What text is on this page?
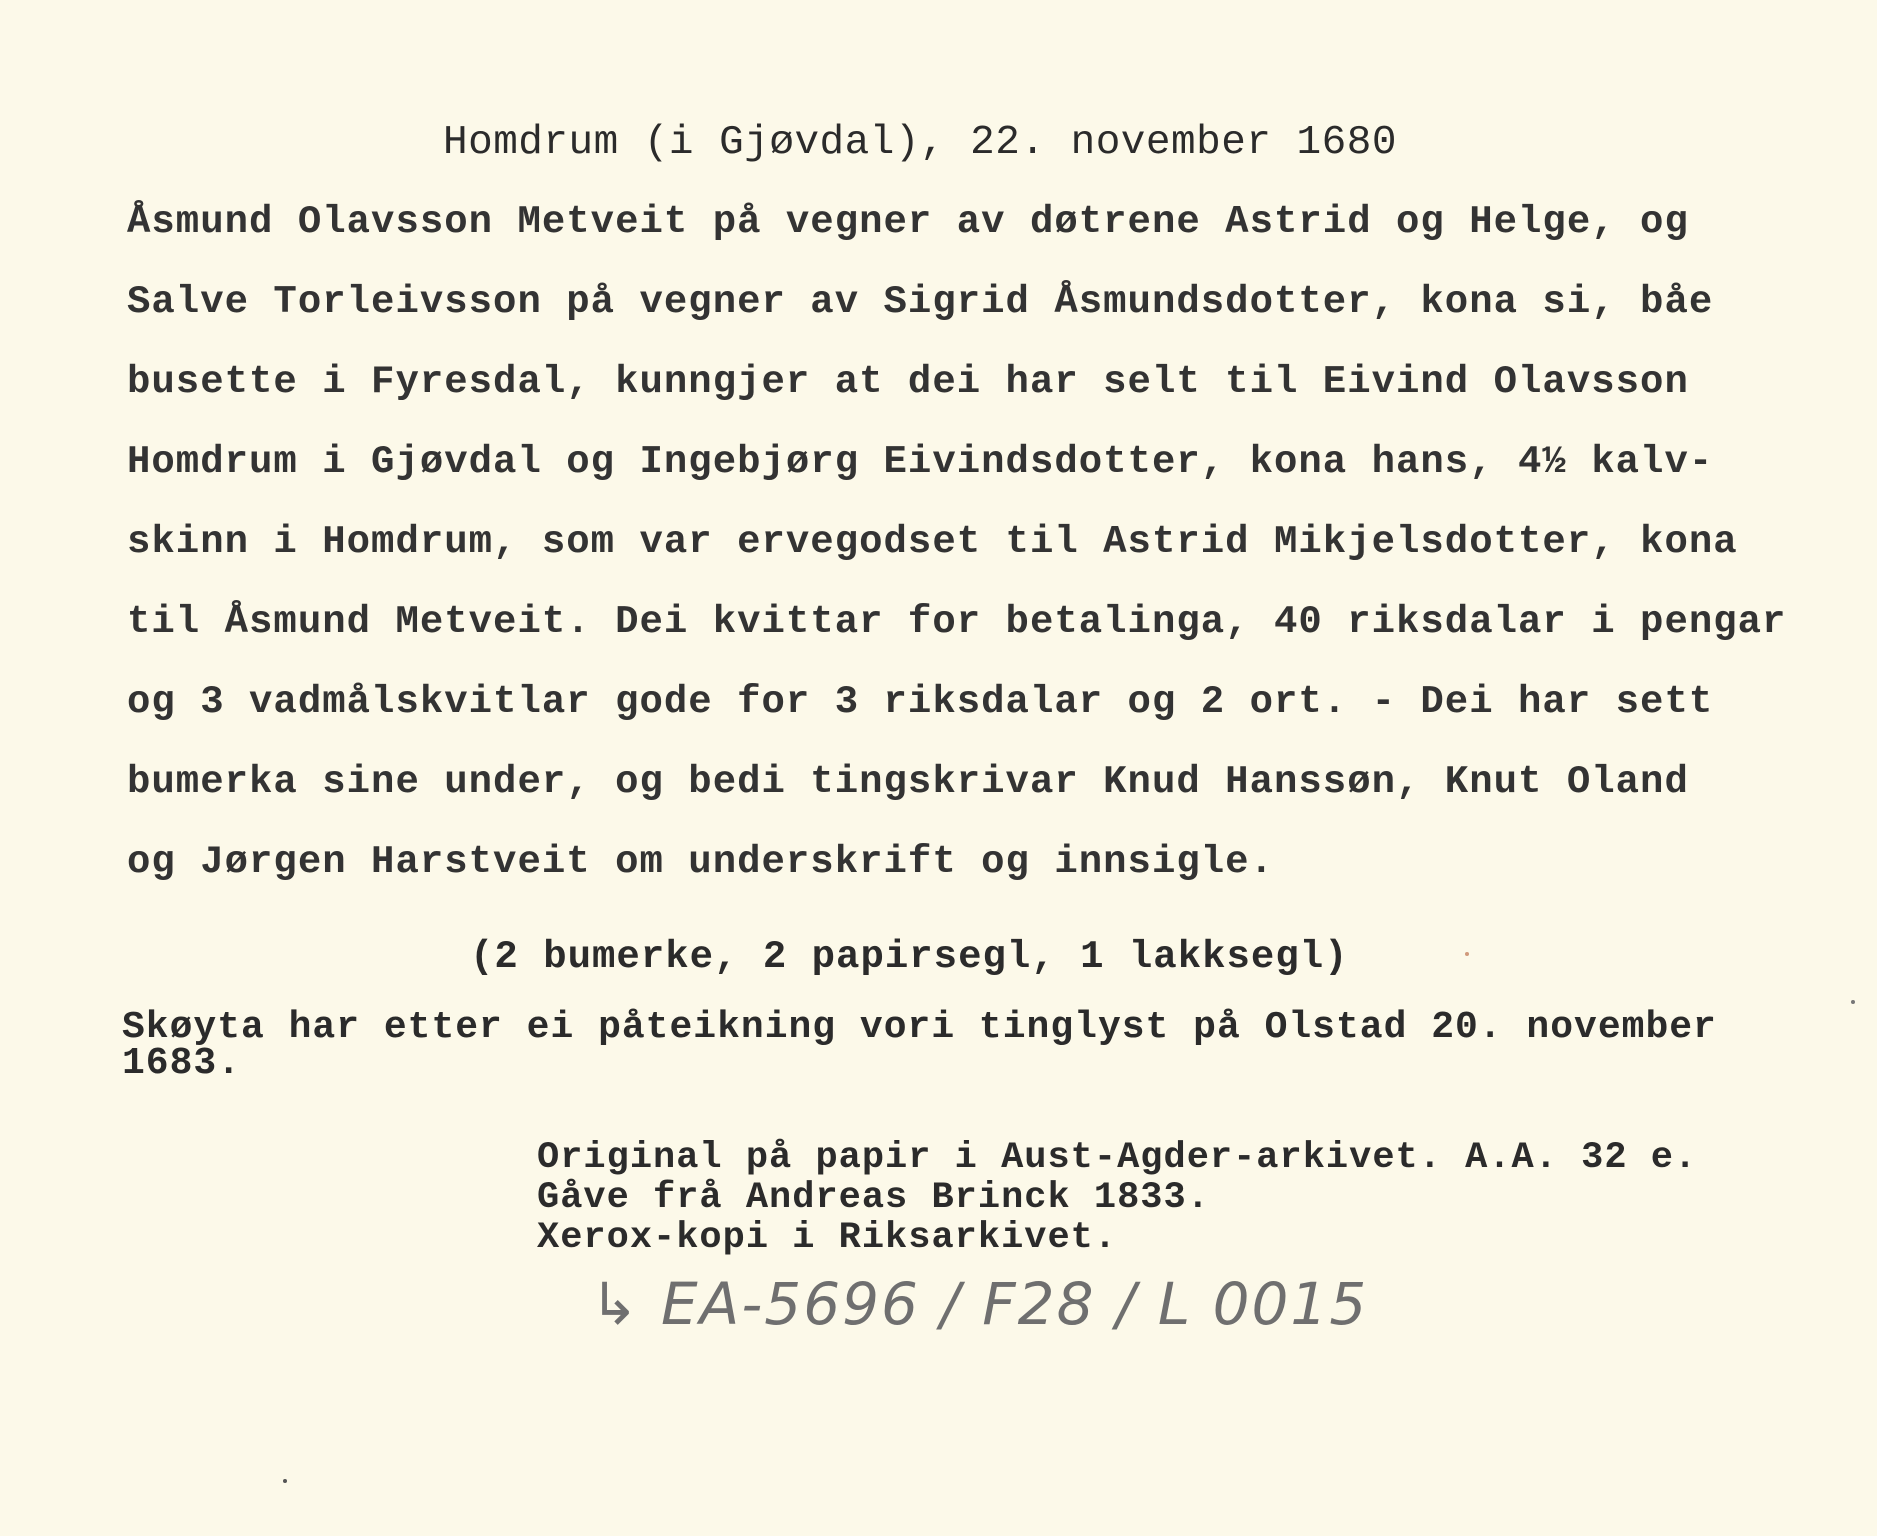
Homdrum (i Gjøvdal), 22. november 1680
Åsmund Olavsson Metveit på vegner av døtrene Astrid og Helge, og
Salve Torleivsson på vegner av Sigrid Åsmundsdotter, kona si, båe
busette i Fyresdal, kunngjer at dei har selt til Eivind Olavsson
Homdrum i Gjøvdal og Ingebjørg Eivindsdotter, kona hans, 4½ kalv-
skinn i Homdrum, som var ervegodset til Astrid Mikjelsdotter, kona
til Åsmund Metveit. Dei kvittar for betalinga, 40 riksdalar i pengar
og 3 vadmålskvitlar gode for 3 riksdalar og 2 ort. - Dei har sett
bumerka sine under, og bedi tingskrivar Knud Hanssøn, Knut Oland
og Jørgen Harstveit om underskrift og innsigle.
(2 bumerke, 2 papirsegl, 1 lakksegl)
Skøyta har etter ei påteikning vori tinglyst på Olstad 20. november
1683.
Original på papir i Aust-Agder-arkivet. A.A. 32 e.
Gåve frå Andreas Brinck 1833.
Xerox-kopi i Riksarkivet.
↳ EA-5696 / F28 / L 0015
